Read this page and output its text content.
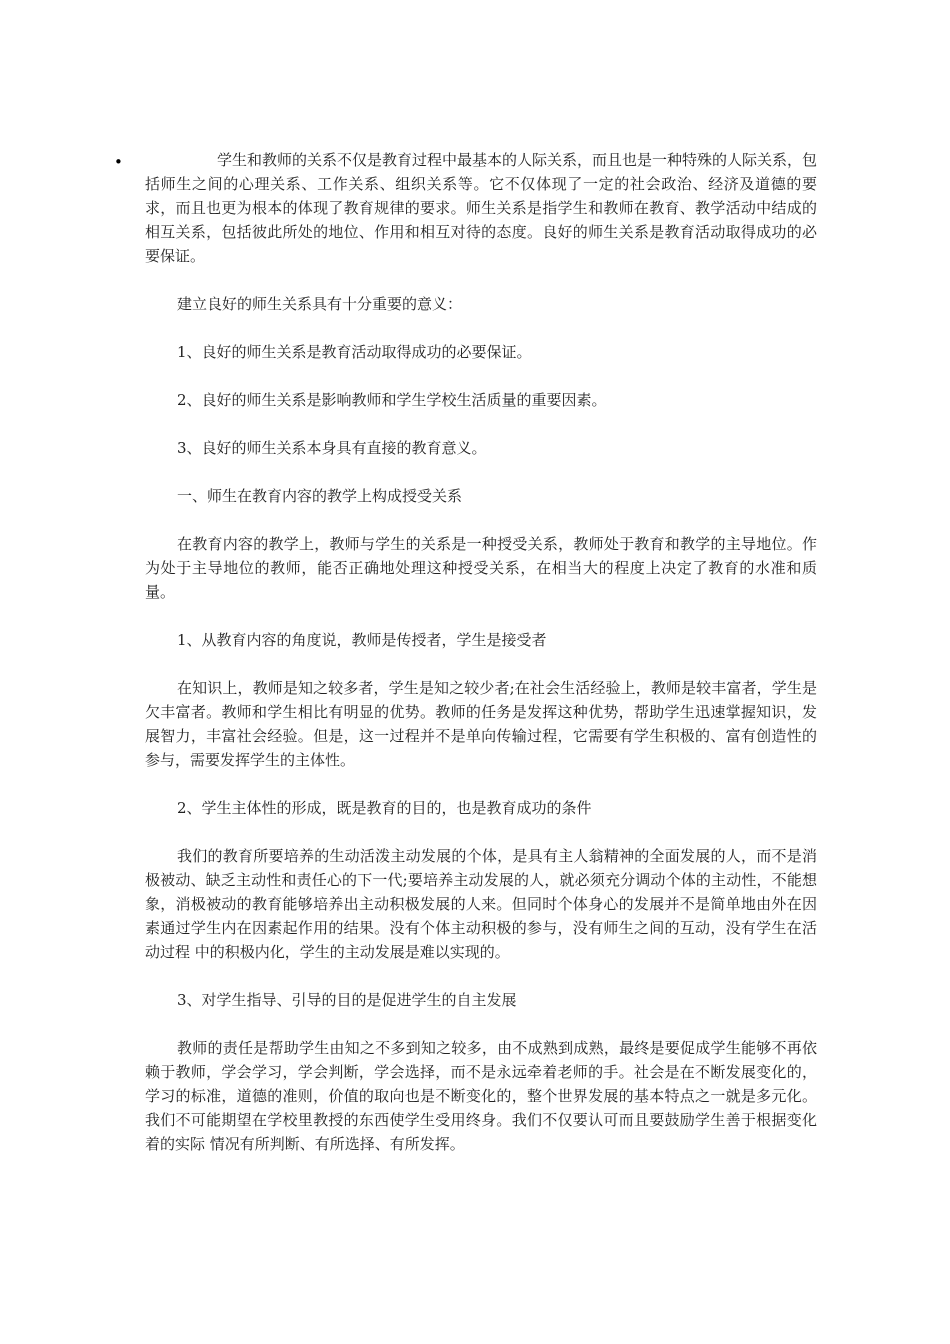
•	学生和教师的关系不仅是教育过程中最基本的人际关系，而且也是一种特殊的人际关系，包括师生之间的心理关系、工作关系、组织关系等。它不仅体现了一定的社会政治、经济及道德的要求，而且也更为根本的体现了教育规律的要求。师生关系是指学生和教师在教育、教学活动中结成的相互关系，包括彼此所处的地位、作用和相互对待的态度。良好的师生关系是教育活动取得成功的必要保证。

建立良好的师生关系具有十分重要的意义：

1、良好的师生关系是教育活动取得成功的必要保证。

2、良好的师生关系是影响教师和学生学校生活质量的重要因素。

3、良好的师生关系本身具有直接的教育意义。

一、师生在教育内容的教学上构成授受关系

在教育内容的教学上，教师与学生的关系是一种授受关系，教师处于教育和教学的主导地位。作为处于主导地位的教师，能否正确地处理这种授受关系，在相当大的程度上决定了教育的水准和质量。

1、从教育内容的角度说，教师是传授者，学生是接受者

在知识上，教师是知之较多者，学生是知之较少者;在社会生活经验上，教师是较丰富者，学生是欠丰富者。教师和学生相比有明显的优势。教师的任务是发挥这种优势，帮助学生迅速掌握知识，发展智力，丰富社会经验。但是，这一过程并不是单向传输过程，它需要有学生积极的、富有创造性的参与，需要发挥学生的主体性。

2、学生主体性的形成，既是教育的目的，也是教育成功的条件

我们的教育所要培养的生动活泼主动发展的个体，是具有主人翁精神的全面发展的人，而不是消极被动、缺乏主动性和责任心的下一代;要培养主动发展的人，就必须充分调动个体的主动性，不能想象，消极被动的教育能够培养出主动积极发展的人来。但同时个体身心的发展并不是简单地由外在因素通过学生内在因素起作用的结果。没有个体主动积极的参与，没有师生之间的互动，没有学生在活动过程 中的积极内化，学生的主动发展是难以实现的。

3、对学生指导、引导的目的是促进学生的自主发展

教师的责任是帮助学生由知之不多到知之较多，由不成熟到成熟，最终是要促成学生能够不再依赖于教师，学会学习，学会判断，学会选择，而不是永远牵着老师的手。社会是在不断发展变化的，学习的标准，道德的准则，价值的取向也是不断变化的，整个世界发展的基本特点之一就是多元化。我们不可能期望在学校里教授的东西使学生受用终身。我们不仅要认可而且要鼓励学生善于根据变化着的实际 情况有所判断、有所选择、有所发挥。
